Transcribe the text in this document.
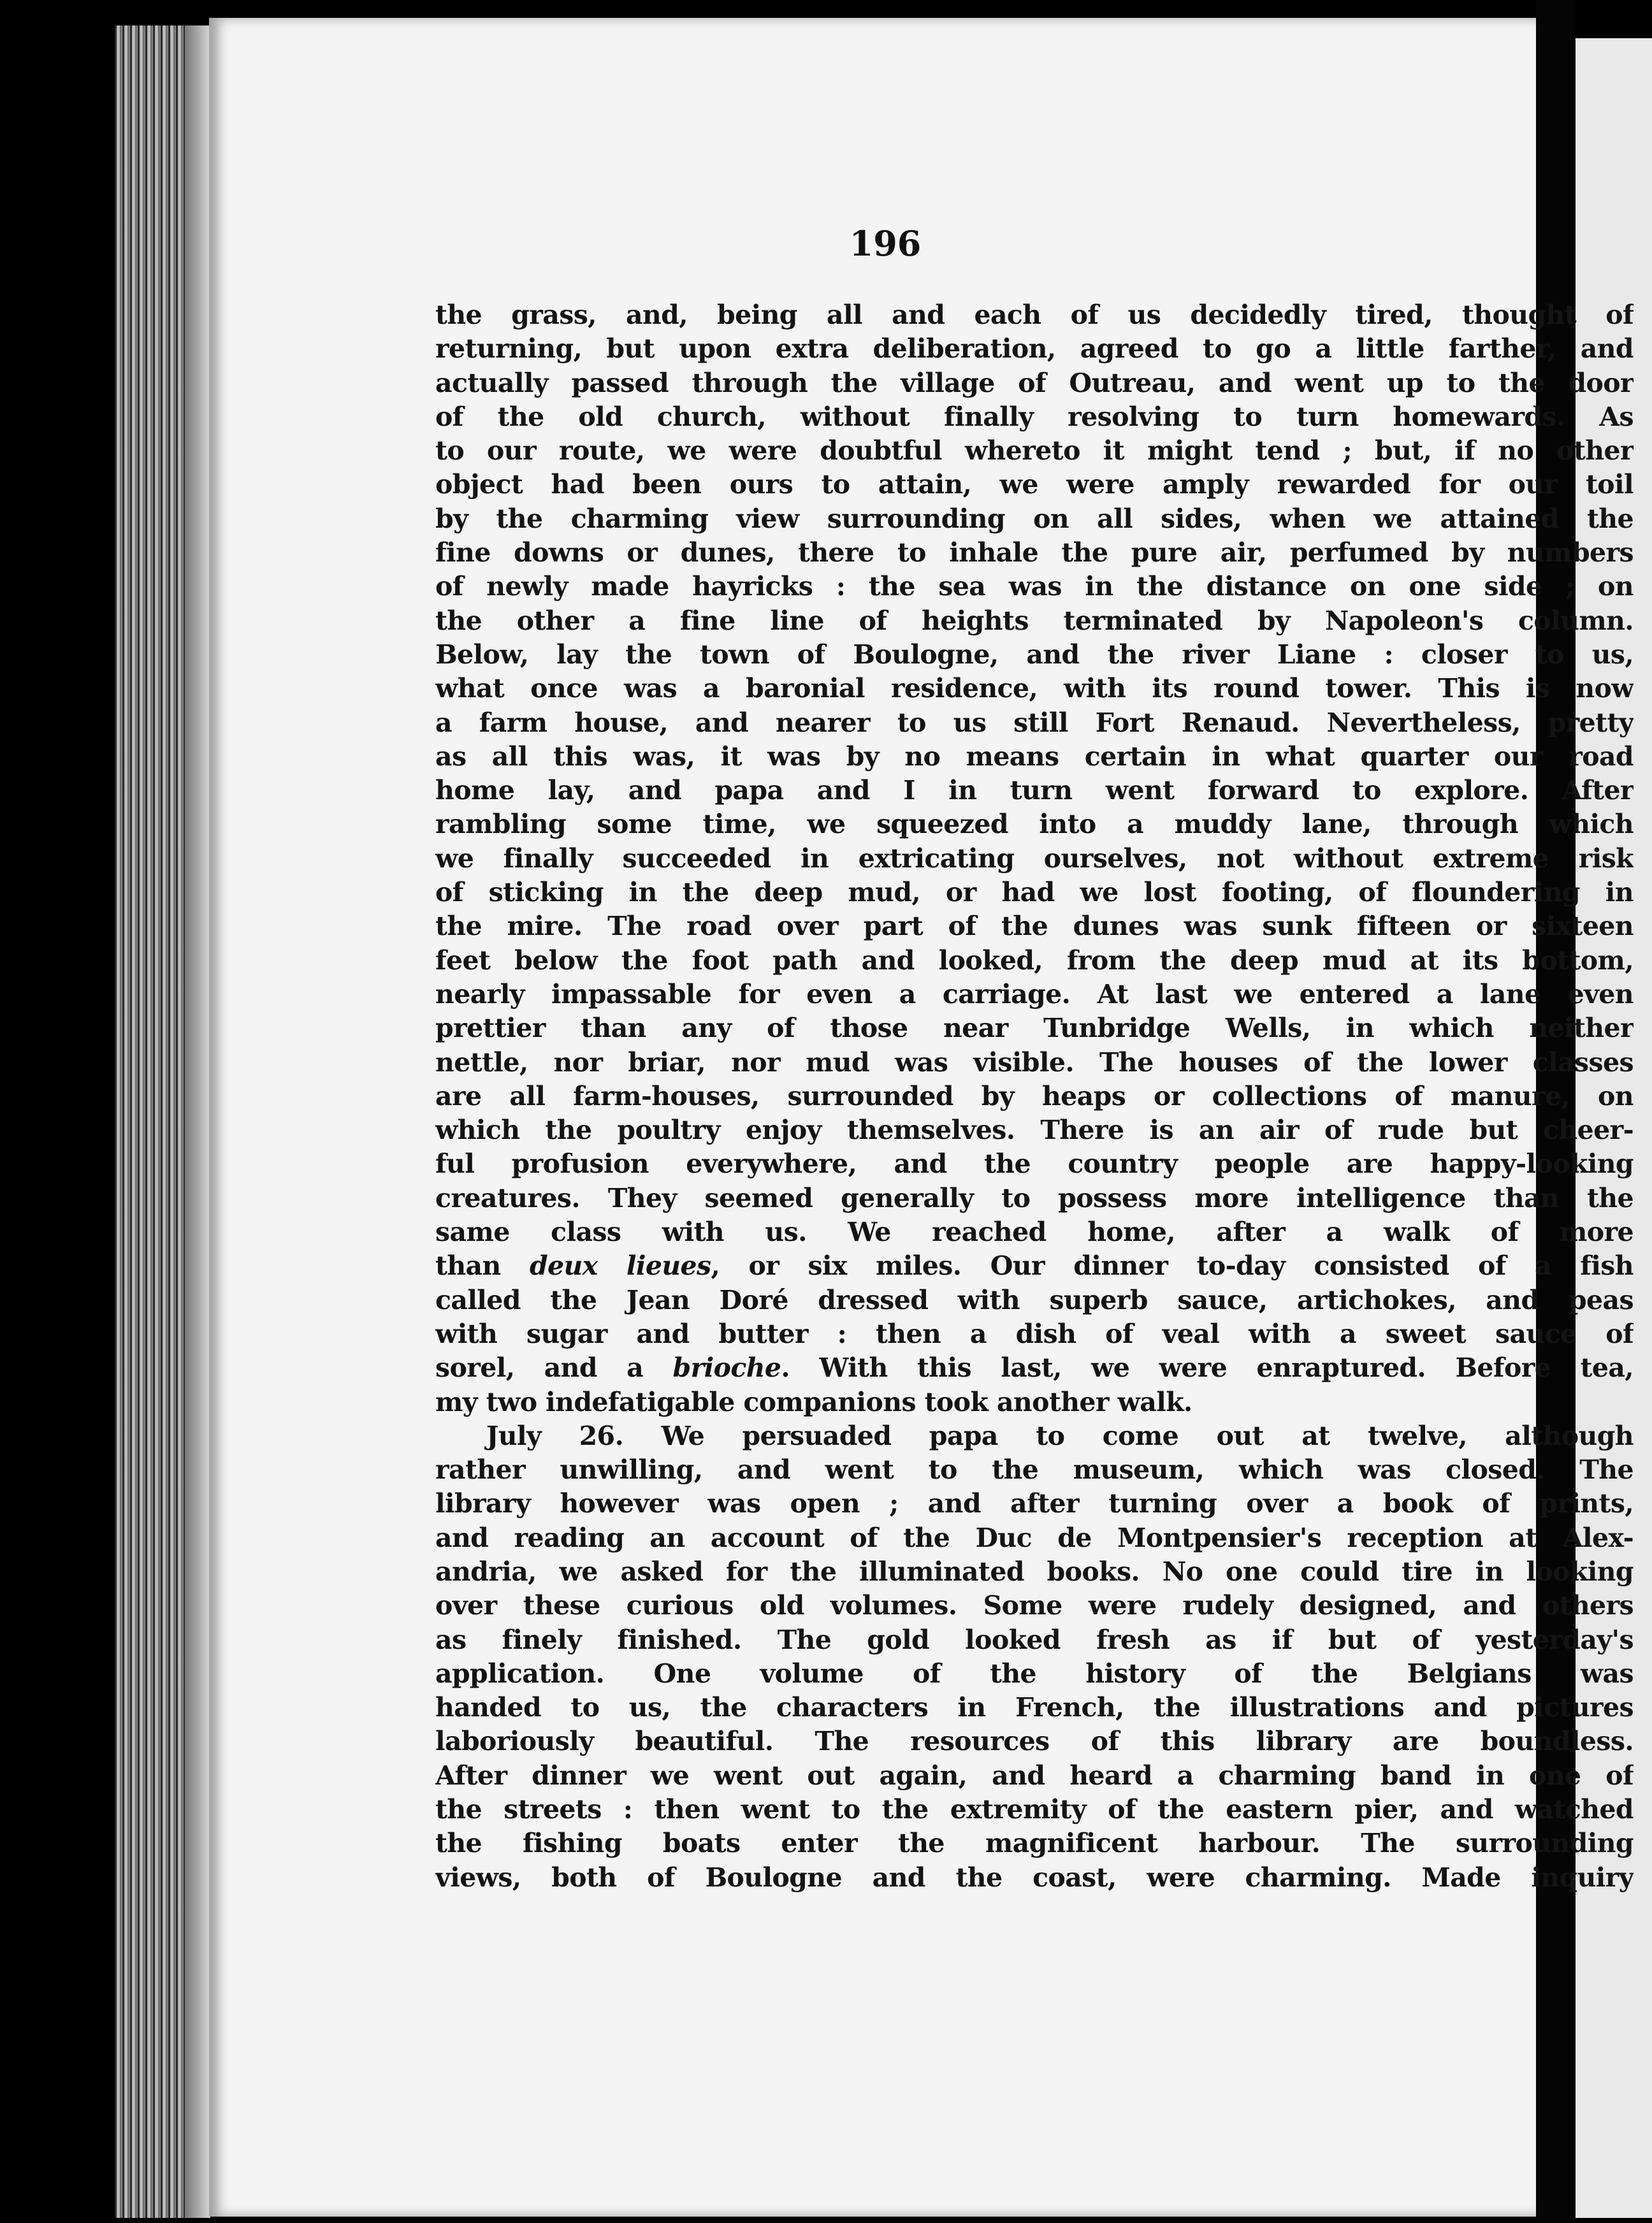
196
the grass, and, being all and each of us decidedly tired, thought of
returning, but upon extra deliberation, agreed to go a little farther, and
actually passed through the village of Outreau, and went up to the door
of the old church, without finally resolving to turn homewards. As
to our route, we were doubtful whereto it might tend ; but, if no other
object had been ours to attain, we were amply rewarded for our toil
by the charming view surrounding on all sides, when we attained the
fine downs or dunes, there to inhale the pure air, perfumed by numbers
of newly made hayricks : the sea was in the distance on one side ; on
the other a fine line of heights terminated by Napoleon's column.
Below, lay the town of Boulogne, and the river Liane : closer to us,
what once was a baronial residence, with its round tower. This is now
a farm house, and nearer to us still Fort Renaud. Nevertheless, pretty
as all this was, it was by no means certain in what quarter our road
home lay, and papa and I in turn went forward to explore. After
rambling some time, we squeezed into a muddy lane, through which
we finally succeeded in extricating ourselves, not without extreme risk
of sticking in the deep mud, or had we lost footing, of floundering in
the mire. The road over part of the dunes was sunk fifteen or sixteen
feet below the foot path and looked, from the deep mud at its bottom,
nearly impassable for even a carriage. At last we entered a lane even
prettier than any of those near Tunbridge Wells, in which neither
nettle, nor briar, nor mud was visible. The houses of the lower classes
are all farm-houses, surrounded by heaps or collections of manure, on
which the poultry enjoy themselves. There is an air of rude but cheer-
ful profusion everywhere, and the country people are happy-looking
creatures. They seemed generally to possess more intelligence than the
same class with us. We reached home, after a walk of more
than deux lieues, or six miles. Our dinner to-day consisted of a fish
called the Jean Doré dressed with superb sauce, artichokes, and peas
with sugar and butter : then a dish of veal with a sweet sauce of
sorel, and a brioche. With this last, we were enraptured. Before tea,
my two indefatigable companions took another walk.
July 26. We persuaded papa to come out at twelve, although
rather unwilling, and went to the museum, which was closed. The
library however was open ; and after turning over a book of prints,
and reading an account of the Duc de Montpensier's reception at Alex-
andria, we asked for the illuminated books. No one could tire in looking
over these curious old volumes. Some were rudely designed, and others
as finely finished. The gold looked fresh as if but of yesterday's
application. One volume of the history of the Belgians was
handed to us, the characters in French, the illustrations and pictures
laboriously beautiful. The resources of this library are boundless.
After dinner we went out again, and heard a charming band in one of
the streets : then went to the extremity of the eastern pier, and watched
the fishing boats enter the magnificent harbour. The surrounding
views, both of Boulogne and the coast, were charming. Made inquiry
